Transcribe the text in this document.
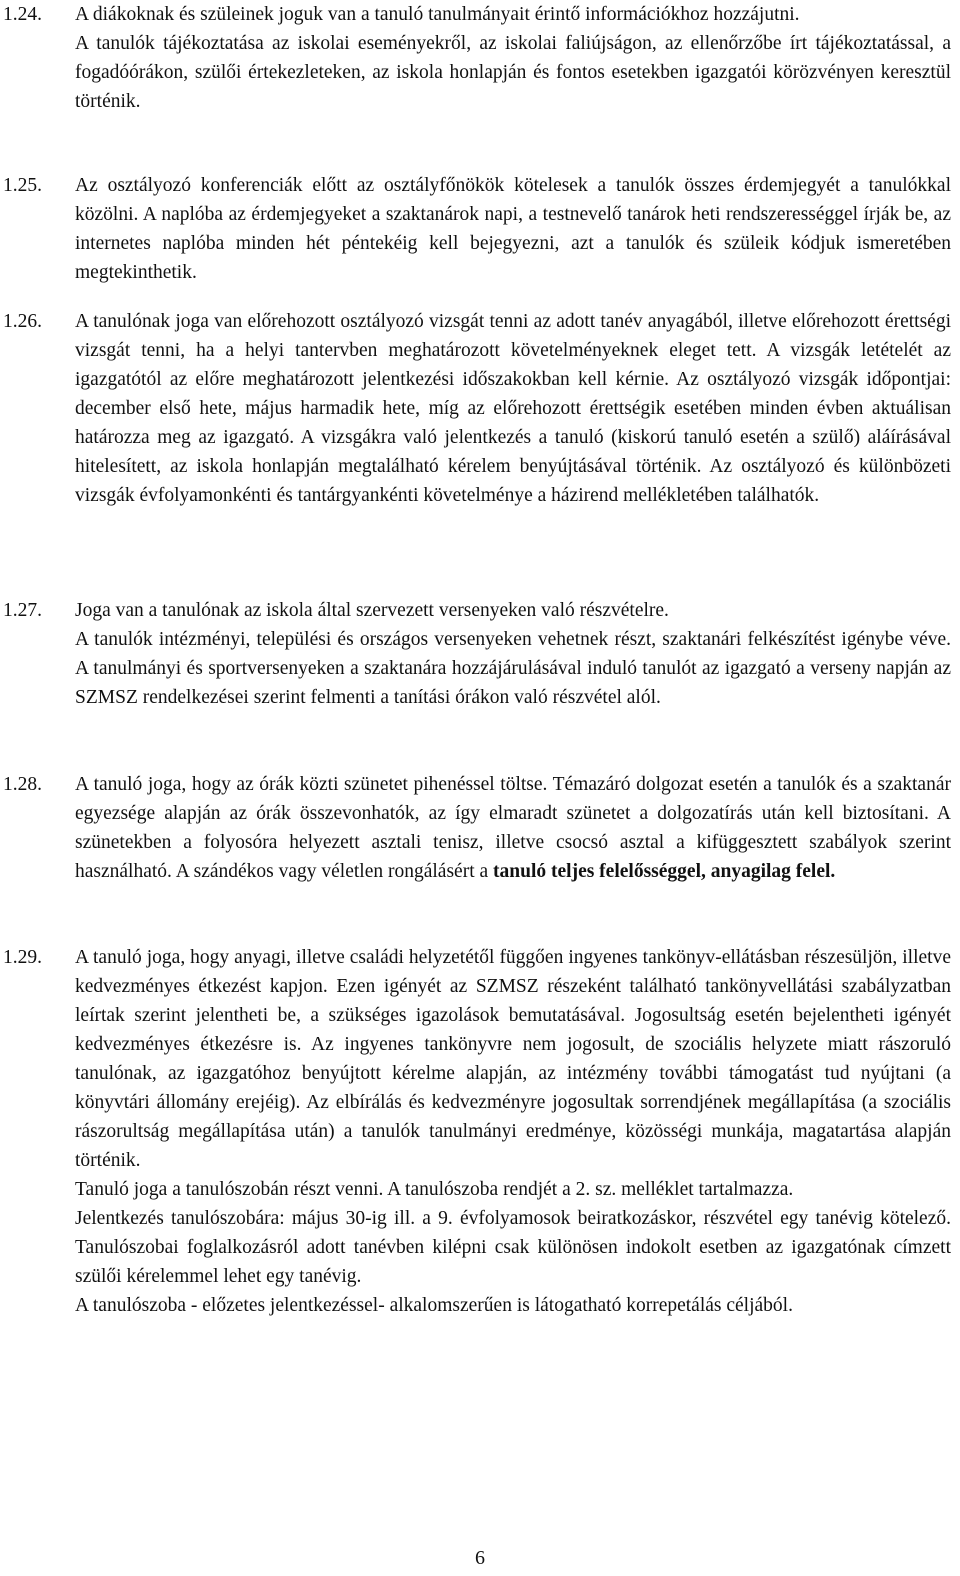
1.24.	A diákoknak és szüleinek joguk van a tanuló tanulmányait érintő információkhoz hozzájutni.

A tanulók tájékoztatása az iskolai eseményekről, az iskolai faliújságon, az ellenőrzőbe írt tájékoztatással, a fogadóórákon, szülői értekezleteken, az iskola honlapján és fontos esetekben igazgatói körözvényen keresztül történik.

1.25.	Az osztályozó konferenciák előtt az osztályfőnökök kötelesek a tanulók összes érdemjegyét a tanulókkal közölni. A naplóba az érdemjegyeket a szaktanárok napi, a testnevelő tanárok heti rendszerességgel írják be, az internetes naplóba minden hét péntekéig kell bejegyezni, azt a tanulók és szüleik kódjuk ismeretében megtekinthetik.

1.26.	A tanulónak joga van előrehozott osztályozó vizsgát tenni az adott tanév anyagából, illetve előrehozott érettségi vizsgát tenni, ha a helyi tantervben meghatározott követelményeknek eleget tett. A vizsgák letételét az igazgatótól az előre meghatározott jelentkezési időszakokban kell kérnie. Az osztályozó vizsgák időpontjai: december első hete, május harmadik hete, míg az előrehozott érettségik esetében minden évben aktuálisan határozza meg az igazgató. A vizsgákra való jelentkezés a tanuló (kiskorú tanuló esetén a szülő) aláírásával hitelesített, az iskola honlapján megtalálható kérelem benyújtásával történik. Az osztályozó és különbözeti vizsgák évfolyamonkénti és tantárgyankénti követelménye a házirend mellékletében találhatók.

1.27.	Joga van a tanulónak az iskola által szervezett versenyeken való részvételre.

A tanulók intézményi, települési és országos versenyeken vehetnek részt, szaktanári felkészítést igénybe véve. A tanulmányi és sportversenyeken a szaktanára hozzájárulásával induló tanulót az igazgató a verseny napján az SZMSZ rendelkezései szerint felmenti a tanítási órákon való részvétel alól.

1.28.	A tanuló joga, hogy az órák közti szünetet pihenéssel töltse. Témazáró dolgozat esetén a tanulók és a szaktanár egyezsége alapján az órák összevonhatók, az így elmaradt szünetet a dolgozatírás után kell biztosítani. A szünetekben a folyosóra helyezett asztali tenisz, illetve csocsó asztal a kifüggesztett szabályok szerint használható. A szándékos vagy véletlen rongálásért a tanuló teljes felelősséggel, anyagilag felel.

1.29.	A tanuló joga, hogy anyagi, illetve családi helyzetétől függően ingyenes tankönyv-ellátásban részesüljön, illetve kedvezményes étkezést kapjon. Ezen igényét az SZMSZ részeként található tankönyvellátási szabályzatban leírtak szerint jelentheti be, a szükséges igazolások bemutatásával. Jogosultság esetén bejelentheti igényét kedvezményes étkezésre is. Az ingyenes tankönyvre nem jogosult, de szociális helyzete miatt rászoruló tanulónak, az igazgatóhoz benyújtott kérelme alapján, az intézmény további támogatást tud nyújtani (a könyvtári állomány erejéig). Az elbírálás és kedvezményre jogosultak sorrendjének megállapítása (a szociális rászorultság megállapítása után) a tanulók tanulmányi eredménye, közösségi munkája, magatartása alapján történik.

Tanuló joga a tanulószobán részt venni. A tanulószoba rendjét a 2. sz. melléklet tartalmazza.

Jelentkezés tanulószobára: május 30-ig ill. a 9. évfolyamosok beiratkozáskor, részvétel egy tanévig kötelező. Tanulószobai foglalkozásról adott tanévben kilépni csak különösen indokolt esetben az igazgatónak címzett szülői kérelemmel lehet egy tanévig.

A tanulószoba - előzetes jelentkezéssel- alkalomszerűen is látogatható korrepetálás céljából.

6
